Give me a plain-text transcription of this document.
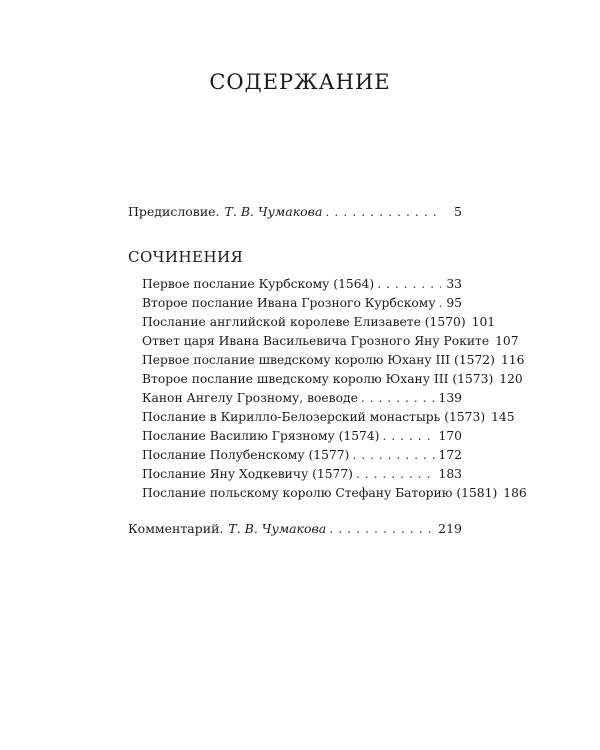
СОДЕРЖАНИЕ
Предисловие. Т. В. Чумакова . . .	5
СОЧИНЕНИЯ
Первое послание Курбскому (1564) . . .	33
Второе послание Ивана Грозного Курбскому . . . 95
Послание английской королеве Елизавете (1570) 101
Ответ царя Ивана Васильевича Грозного Яну Роките 107
Первое послание шведскому королю Юхану III (1572) 116
Второе послание шведскому королю Юхану III (1573) 120
Канон Ангелу Грозному, воеводе . . .	139
Послание в Кирилло-Белозерский монастырь (1573) 145
Послание Василию Грязному (1574) . . .	170
Послание Полубенскому (1577) . . .	172
Послание Яну Ходкевичу (1577) . . .	183
Послание польскому королю Стефану Баторию (1581) 186
Комментарий. Т. В. Чумакова . . .	219
